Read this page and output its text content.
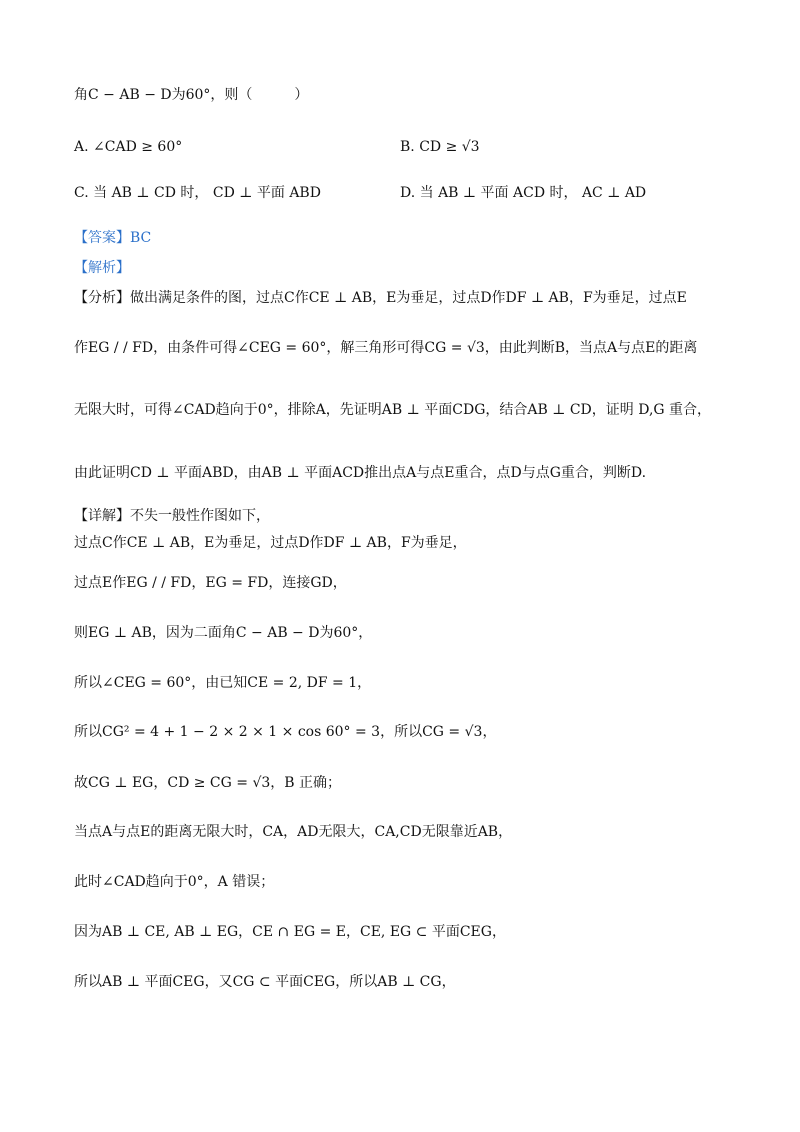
角C − AB − D为60°，则（　　　）
A. ∠CAD ≥ 60°	B. CD ≥ √3
C. 当 AB ⊥ CD 时， CD ⊥ 平面 ABD	D. 当 AB ⊥ 平面 ACD 时， AC ⊥ AD
【答案】BC
【解析】
【分析】做出满足条件的图，过点C作CE ⊥ AB，E为垂足，过点D作DF ⊥ AB，F为垂足，过点E
作EG / / FD，由条件可得∠CEG = 60°，解三角形可得CG = √3，由此判断B，当点A与点E的距离
无限大时，可得∠CAD趋向于0°，排除A，先证明AB ⊥ 平面CDG，结合AB ⊥ CD，证明 D,G 重合，
由此证明CD ⊥ 平面ABD，由AB ⊥ 平面ACD推出点A与点E重合，点D与点G重合，判断D.
【详解】不失一般性作图如下，
过点C作CE ⊥ AB，E为垂足，过点D作DF ⊥ AB，F为垂足，
过点E作EG / / FD，EG = FD，连接GD，
则EG ⊥ AB，因为二面角C − AB − D为60°，
所以∠CEG = 60°，由已知CE = 2, DF = 1，
所以CG² = 4 + 1 − 2 × 2 × 1 × cos 60° = 3，所以CG = √3，
故CG ⊥ EG，CD ≥ CG = √3，B 正确；
当点A与点E的距离无限大时，CA，AD无限大，CA,CD无限靠近AB，
此时∠CAD趋向于0°，A 错误；
因为AB ⊥ CE, AB ⊥ EG，CE ∩ EG = E，CE, EG ⊂ 平面CEG，
所以AB ⊥ 平面CEG，又CG ⊂ 平面CEG，所以AB ⊥ CG，
